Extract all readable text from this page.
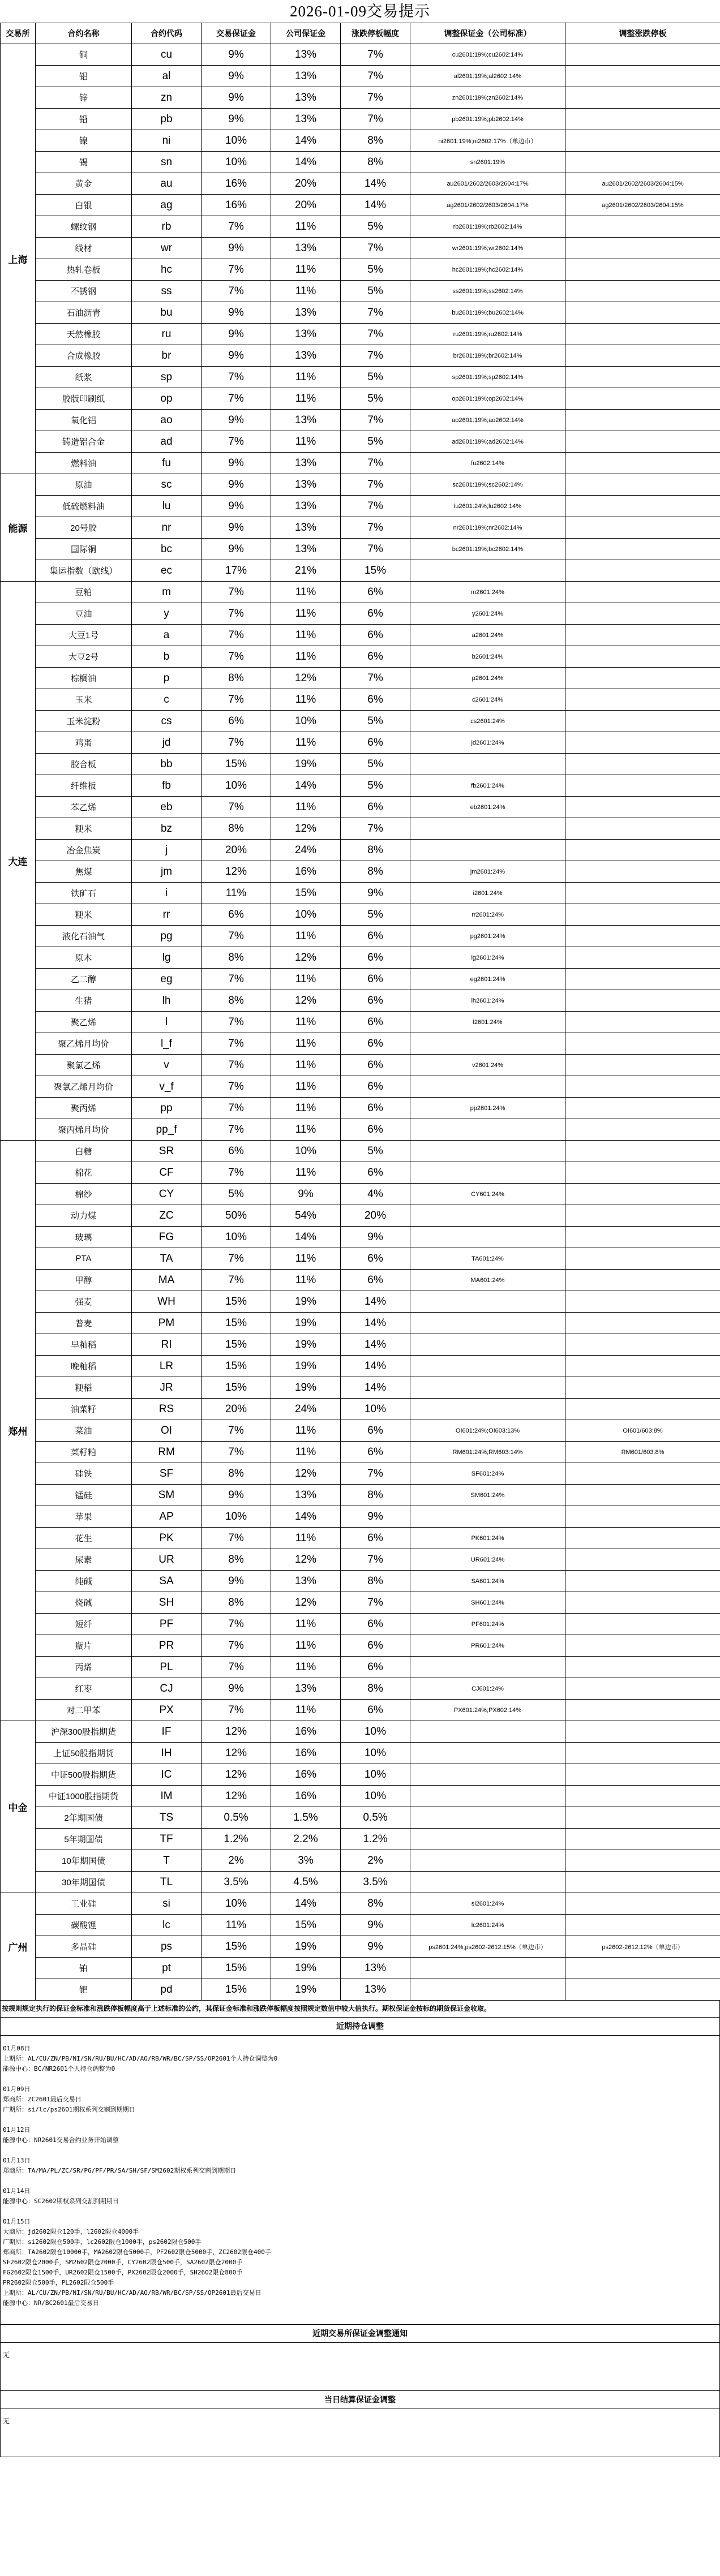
2026-01-09交易提示
交易所	合约名称	合约代码	交易保证金	公司保证金	涨跌停板幅度	调整保证金（公司标准）	调整涨跌停板
上海	铜	cu	9%	13%	7%	cu2601:19%;cu2602:14%	
	铝	al	9%	13%	7%	al2601:19%;al2602:14%	
	锌	zn	9%	13%	7%	zn2601:19%;zn2602:14%	
	铅	pb	9%	13%	7%	pb2601:19%;pb2602:14%	
	镍	ni	10%	14%	8%	ni2601:19%;ni2602:17%（单边市）	
	锡	sn	10%	14%	8%	sn2601:19%	
	黄金	au	16%	20%	14%	au2601/2602/2603/2604:17%	au2601/2602/2603/2604:15%
	白银	ag	16%	20%	14%	ag2601/2602/2603/2604:17%	ag2601/2602/2603/2604:15%
	螺纹钢	rb	7%	11%	5%	rb2601:19%;rb2602:14%	
	线材	wr	9%	13%	7%	wr2601:19%;wr2602:14%	
	热轧卷板	hc	7%	11%	5%	hc2601:19%;hc2602:14%	
	不锈钢	ss	7%	11%	5%	ss2601:19%;ss2602:14%	
	石油沥青	bu	9%	13%	7%	bu2601:19%;bu2602:14%	
	天然橡胶	ru	9%	13%	7%	ru2601:19%;ru2602:14%	
	合成橡胶	br	9%	13%	7%	br2601:19%;br2602:14%	
	纸浆	sp	7%	11%	5%	sp2601:19%;sp2602:14%	
	胶版印刷纸	op	7%	11%	5%	op2601:19%;op2602:14%	
	氧化铝	ao	9%	13%	7%	ao2601:19%;ao2602:14%	
	铸造铝合金	ad	7%	11%	5%	ad2601:19%;ad2602:14%	
	燃料油	fu	9%	13%	7%	fu2602:14%	
能源	原油	sc	9%	13%	7%	sc2601:19%;sc2602:14%	
	低硫燃料油	lu	9%	13%	7%	lu2601:24%;lu2602:14%	
	20号胶	nr	9%	13%	7%	nr2601:19%;nr2602:14%	
	国际铜	bc	9%	13%	7%	bc2601:19%;bc2602:14%	
	集运指数（欧线）	ec	17%	21%	15%		
大连	豆粕	m	7%	11%	6%	m2601:24%	
	豆油	y	7%	11%	6%	y2601:24%	
	大豆1号	a	7%	11%	6%	a2601:24%	
	大豆2号	b	7%	11%	6%	b2601:24%	
	棕榈油	p	8%	12%	7%	p2601:24%	
	玉米	c	7%	11%	6%	c2601:24%	
	玉米淀粉	cs	6%	10%	5%	cs2601:24%	
	鸡蛋	jd	7%	11%	6%	jd2601:24%	
	胶合板	bb	15%	19%	5%		
	纤维板	fb	10%	14%	5%	fb2601:24%	
	苯乙烯	eb	7%	11%	6%	eb2601:24%	
	粳米	bz	8%	12%	7%		
	冶金焦炭	j	20%	24%	8%		
	焦煤	jm	12%	16%	8%	jm2601:24%	
	铁矿石	i	11%	15%	9%	i2601:24%	
	粳米	rr	6%	10%	5%	rr2601:24%	
	液化石油气	pg	7%	11%	6%	pg2601:24%	
	原木	lg	8%	12%	6%	lg2601:24%	
	乙二醇	eg	7%	11%	6%	eg2601:24%	
	生猪	lh	8%	12%	6%	lh2601:24%	
	聚乙烯	l	7%	11%	6%	l2601:24%	
	聚乙烯月均价	l_f	7%	11%	6%		
	聚氯乙烯	v	7%	11%	6%	v2601:24%	
	聚氯乙烯月均价	v_f	7%	11%	6%		
	聚丙烯	pp	7%	11%	6%	pp2601:24%	
	聚丙烯月均价	pp_f	7%	11%	6%		
郑州	白糖	SR	6%	10%	5%		
	棉花	CF	7%	11%	6%		
	棉纱	CY	5%	9%	4%	CY601:24%	
	动力煤	ZC	50%	54%	20%		
	玻璃	FG	10%	14%	9%		
	PTA	TA	7%	11%	6%	TA601:24%	
	甲醇	MA	7%	11%	6%	MA601:24%	
	强麦	WH	15%	19%	14%		
	普麦	PM	15%	19%	14%		
	早籼稻	RI	15%	19%	14%		
	晚籼稻	LR	15%	19%	14%		
	粳稻	JR	15%	19%	14%		
	油菜籽	RS	20%	24%	10%		
	菜油	OI	7%	11%	6%	OI601:24%;OI603:13%	OI601/603:8%
	菜籽粕	RM	7%	11%	6%	RM601:24%;RM603:14%	RM601/603:8%
	硅铁	SF	8%	12%	7%	SF601:24%	
	锰硅	SM	9%	13%	8%	SM601:24%	
	苹果	AP	10%	14%	9%		
	花生	PK	7%	11%	6%	PK601:24%	
	尿素	UR	8%	12%	7%	UR601:24%	
	纯碱	SA	9%	13%	8%	SA601:24%	
	烧碱	SH	8%	12%	7%	SH601:24%	
	短纤	PF	7%	11%	6%	PF601:24%	
	瓶片	PR	7%	11%	6%	PR601:24%	
	丙烯	PL	7%	11%	6%		
	红枣	CJ	9%	13%	8%	CJ601:24%	
	对二甲苯	PX	7%	11%	6%	PX601:24%;PX602:14%	
中金	沪深300股指期货	IF	12%	16%	10%		
	上证50股指期货	IH	12%	16%	10%		
	中证500股指期货	IC	12%	16%	10%		
	中证1000股指期货	IM	12%	16%	10%		
	2年期国债	TS	0.5%	1.5%	0.5%		
	5年期国债	TF	1.2%	2.2%	1.2%		
	10年期国债	T	2%	3%	2%		
	30年期国债	TL	3.5%	4.5%	3.5%		
广州	工业硅	si	10%	14%	8%	si2601:24%	
	碳酸锂	lc	11%	15%	9%	lc2601:24%	
	多晶硅	ps	15%	19%	9%	ps2601:24%;ps2602-2612:15%（单边市）	ps2602-2612:12%（单边市）
	铂	pt	15%	19%	13%		
	钯	pd	15%	19%	13%		
按规则规定执行的保证金标准和涨跌停板幅度高于上述标准的公约，其保证金标准和涨跌停板幅度按照规定数值中较大值执行。期权保证金按标的期货保证金收取。
近期持仓调整
01月08日
上期所：AL/CU/ZN/PB/NI/SN/RU/BU/HC/AD/AO/RB/WR/BC/SP/SS/OP2601个人持仓调整为0
能源中心：BC/NR2601个人持仓调整为0
01月09日
郑商所：ZC2601最后交易日
广期所：si/lc/ps2601期权系列交割到期期日
01月12日
能源中心：NR2601交易合约业务开始调整
01月13日
郑商所：TA/MA/PL/ZC/SR/PG/PF/PR/SA/SH/SF/SM2602期权系列交割到期期日
01月14日
能源中心：SC2602期权系列交割到期期日
01月15日
大商所：jd2602限仓120手，l2602限仓4000手
广期所：si2602限仓500手，lc2602限仓1000手，ps2602限仓500手
郑商所：TA2602限仓10000手，MA2602限仓5000手，PF2602限仓5000手，ZC2602限仓400手
SF2602限仓2000手，SM2602限仓2000手，CY2602限仓500手，SA2602限仓2000手
FG2602限仓1500手，UR2602限仓1500手，PX2602限仓2000手，SH2602限仓800手
PR2602限仓500手，PL2602限仓500手
上期所：AL/CU/ZN/PB/NI/SN/RU/BU/HC/AD/AO/RB/WR/BC/SP/SS/OP2601最后交易日
能源中心：NR/BC2601最后交易日
近期交易所保证金调整通知
无
当日结算保证金调整
无
